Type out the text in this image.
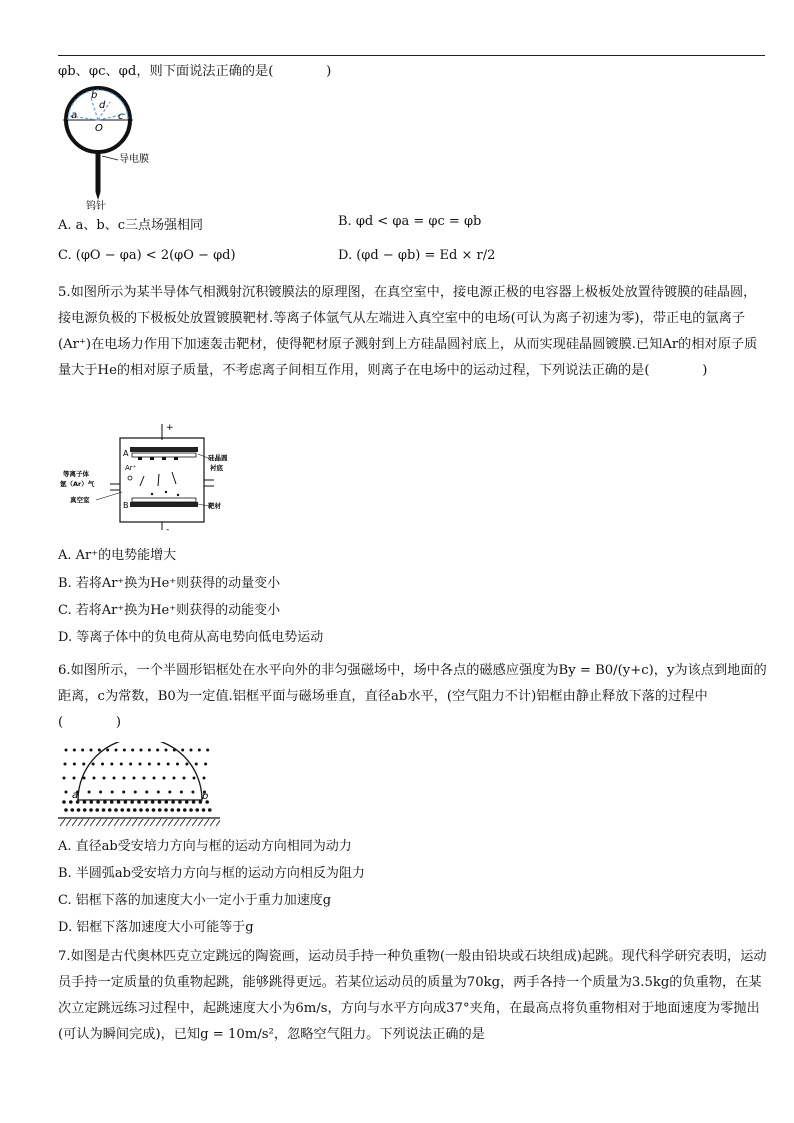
φb、φc、φd，则下面说法正确的是(　　　　)
b
d
a	c
O
导电膜
钨针
A. a、b、c三点场强相同	B. φd < φa = φc = φb
C. (φO − φa) < 2(φO − φd)	D. (φd − φb) = Ed × r/2
5.如图所示为某半导体气相溅射沉积镀膜法的原理图，在真空室中，接电源正极的电容器上极板处放置待镀膜的硅晶圆，接电源负极的下极板处放置镀膜靶材.等离子体氩气从左端进入真空室中的电场(可认为离子初速为零)，带正电的氩离子(Ar⁺)在电场力作用下加速轰击靶材，使得靶材原子溅射到上方硅晶圆衬底上，从而实现硅晶圆镀膜.已知Ar的相对原子质量大于He的相对原子质量，不考虑离子间相互作用，则离子在电场中的运动过程，下列说法正确的是(　　　　)
+
-
A
B
Ar⁺
等离子体
氩（Ar）气
真空室
硅晶圆
衬底
靶材
A. Ar⁺的电势能增大
B. 若将Ar⁺换为He⁺则获得的动量变小
C. 若将Ar⁺换为He⁺则获得的动能变小
D. 等离子体中的负电荷从高电势向低电势运动
6.如图所示，一个半圆形铝框处在水平向外的非匀强磁场中，场中各点的磁感应强度为By = B0/(y+c)，y为该点到地面的距离，c为常数，B0为一定值.铝框平面与磁场垂直，直径ab水平，(空气阻力不计)铝框由静止释放下落的过程中(　　　　)
a	b
A. 直径ab受安培力方向与框的运动方向相同为动力
B. 半圆弧ab受安培力方向与框的运动方向相反为阻力
C. 铝框下落的加速度大小一定小于重力加速度g
D. 铝框下落加速度大小可能等于g
7.如图是古代奥林匹克立定跳远的陶瓷画，运动员手持一种负重物(一般由铅块或石块组成)起跳。现代科学研究表明，运动员手持一定质量的负重物起跳，能够跳得更远。若某位运动员的质量为70kg，两手各持一个质量为3.5kg的负重物，在某次立定跳远练习过程中，起跳速度大小为6m/s，方向与水平方向成37°夹角，在最高点将负重物相对于地面速度为零抛出(可认为瞬间完成)，已知g = 10m/s²，忽略空气阻力。下列说法正确的是
